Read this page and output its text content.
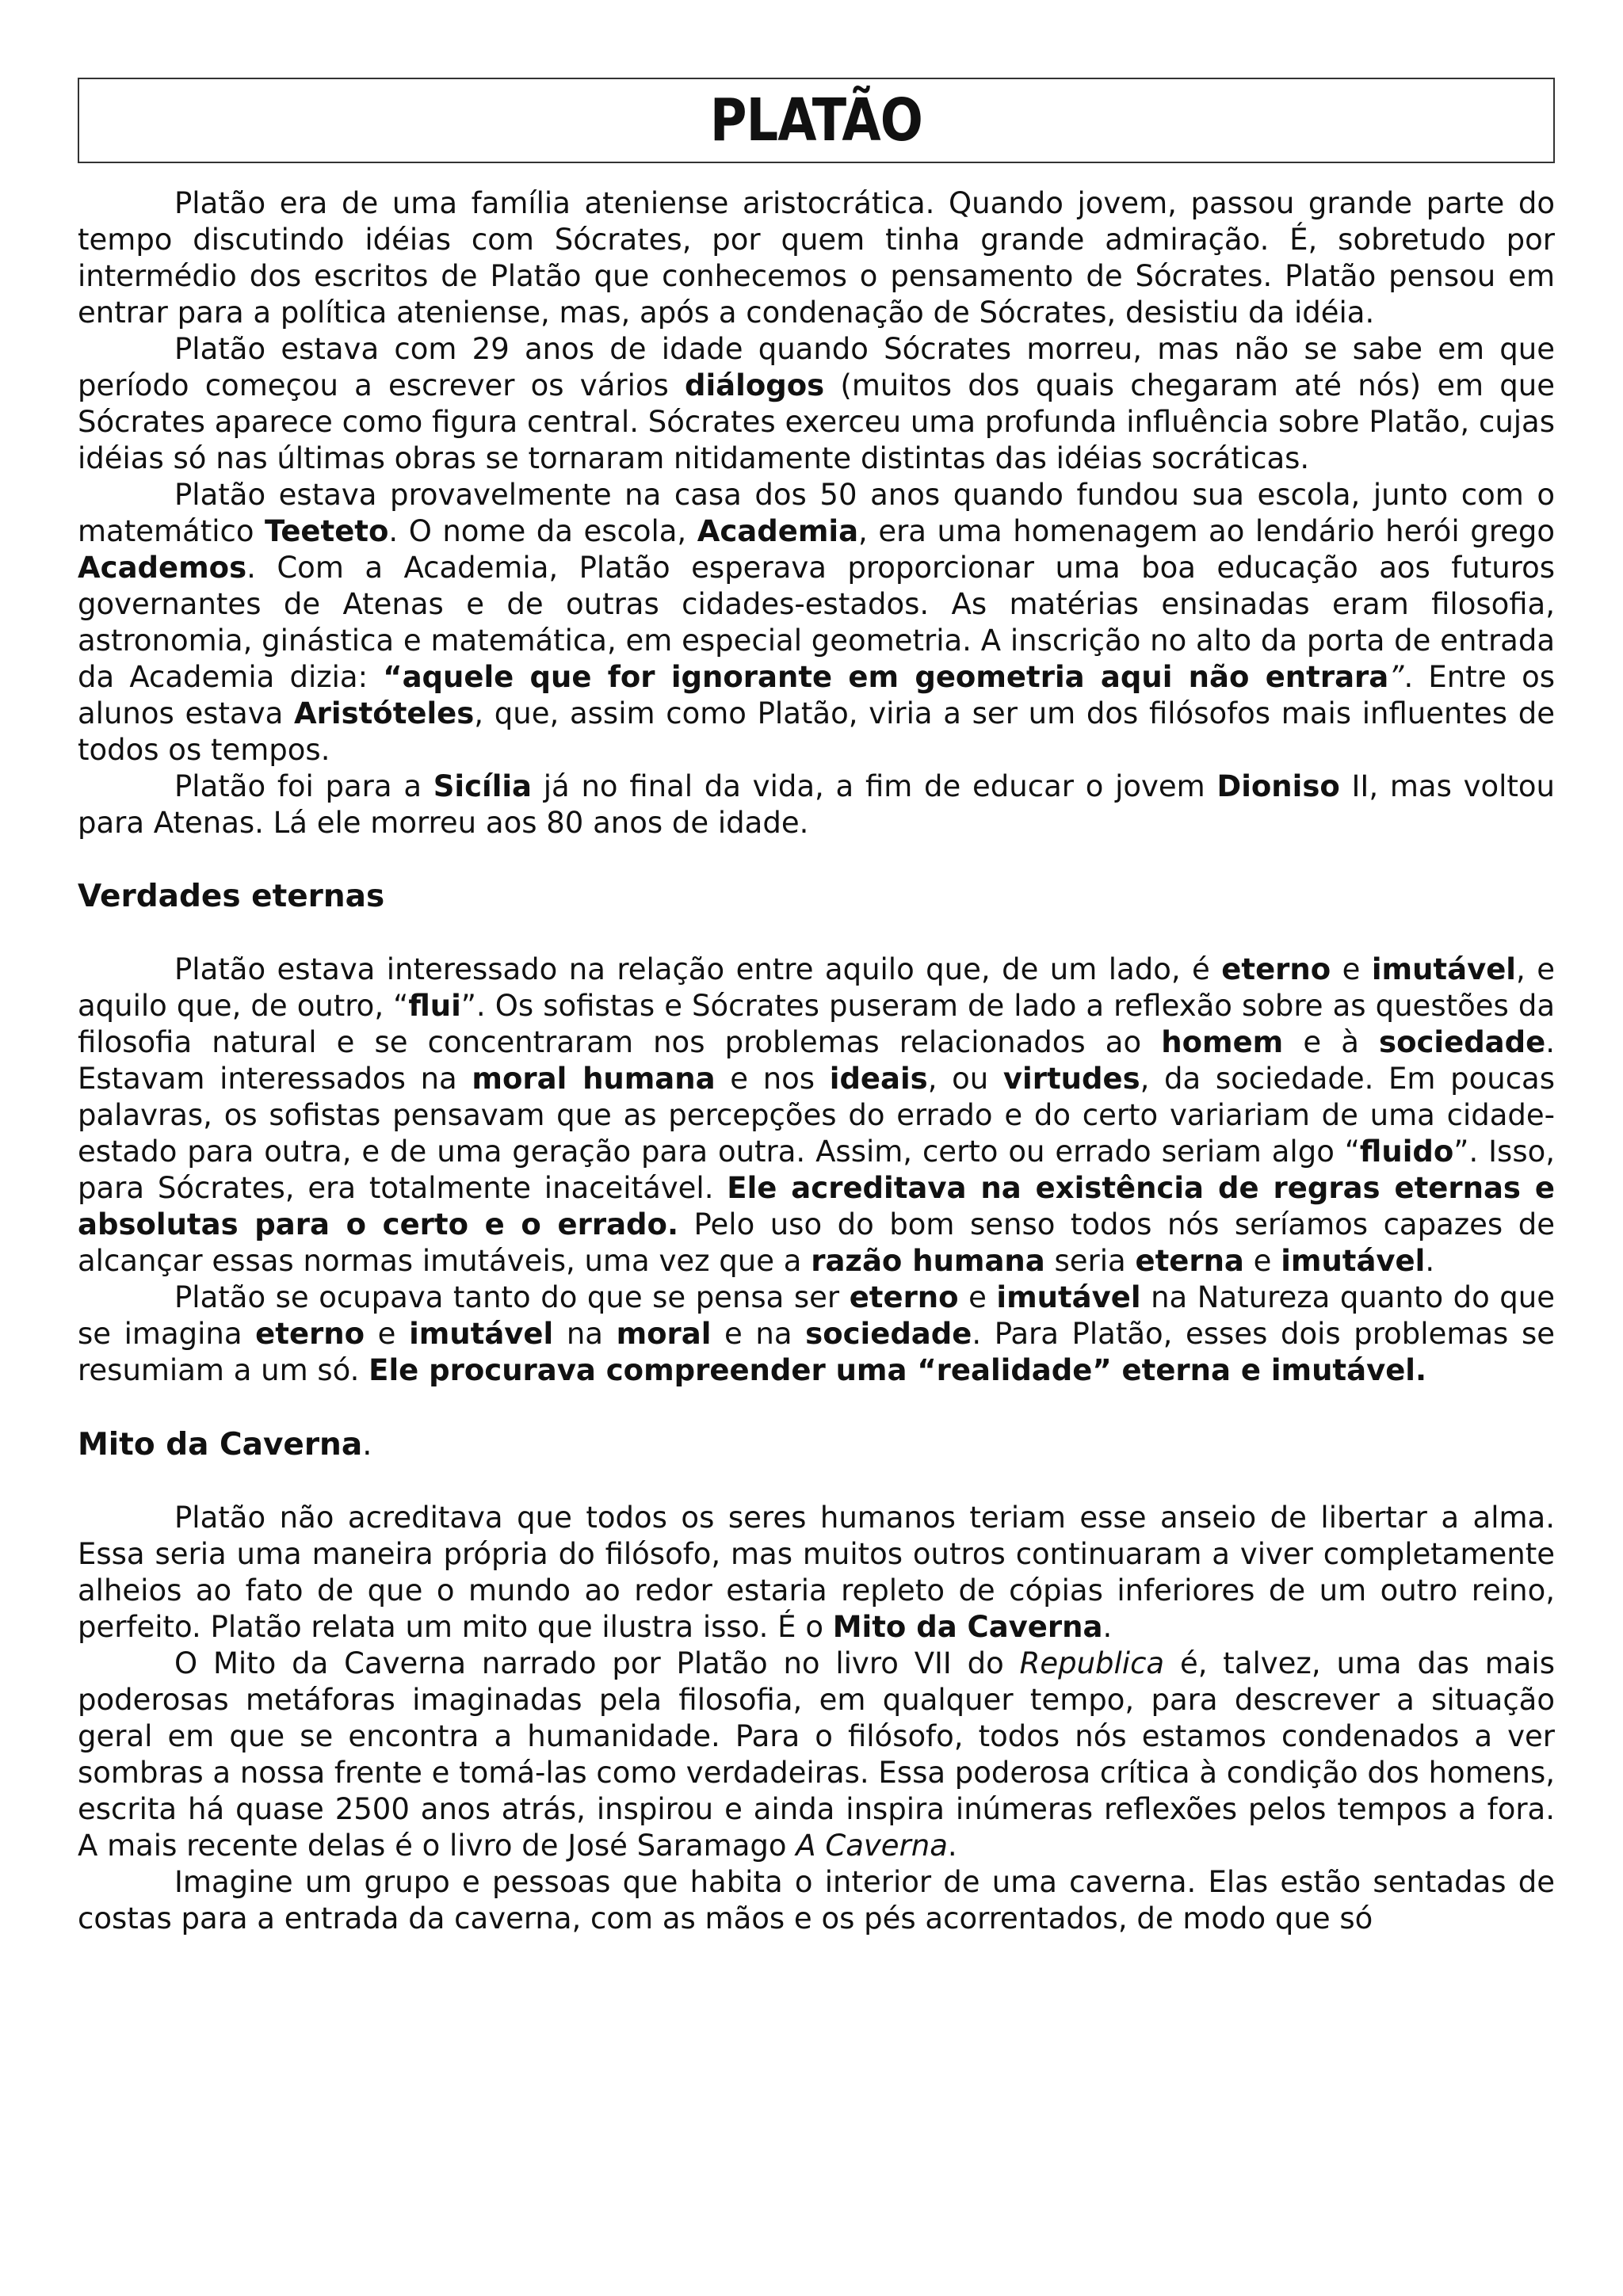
PLATÃO

Platão era de uma família ateniense aristocrática. Quando jovem, passou grande parte do tempo discutindo idéias com Sócrates, por quem tinha grande admiração. É, sobretudo por intermédio dos escritos de Platão que conhecemos o pensamento de Sócrates. Platão pensou em entrar para a política ateniense, mas, após a condenação de Sócrates, desistiu da idéia.

Platão estava com 29 anos de idade quando Sócrates morreu, mas não se sabe em que período começou a escrever os vários diálogos (muitos dos quais chegaram até nós) em que Sócrates aparece como figura central. Sócrates exerceu uma profunda influência sobre Platão, cujas idéias só nas últimas obras se tornaram nitidamente distintas das idéias socráticas.

Platão estava provavelmente na casa dos 50 anos quando fundou sua escola, junto com o matemático Teeteto. O nome da escola, Academia, era uma homenagem ao lendário herói grego Academos. Com a Academia, Platão esperava proporcionar uma boa educação aos futuros governantes de Atenas e de outras cidades-estados. As matérias ensinadas eram filosofia, astronomia, ginástica e matemática, em especial geometria. A inscrição no alto da porta de entrada da Academia dizia: “aquele que for ignorante em geometria aqui não entrara”. Entre os alunos estava Aristóteles, que, assim como Platão, viria a ser um dos filósofos mais influentes de todos os tempos.

Platão foi para a Sicília já no final da vida, a fim de educar o jovem Dioniso II, mas voltou para Atenas. Lá ele morreu aos 80 anos de idade.

Verdades eternas

Platão estava interessado na relação entre aquilo que, de um lado, é eterno e imutável, e aquilo que, de outro, “flui”. Os sofistas e Sócrates puseram de lado a reflexão sobre as questões da filosofia natural e se concentraram nos problemas relacionados ao homem e à sociedade. Estavam interessados na moral humana e nos ideais, ou virtudes, da sociedade. Em poucas palavras, os sofistas pensavam que as percepções do errado e do certo variariam de uma cidade-estado para outra, e de uma geração para outra. Assim, certo ou errado seriam algo “fluido”. Isso, para Sócrates, era totalmente inaceitável. Ele acreditava na existência de regras eternas e absolutas para o certo e o errado. Pelo uso do bom senso todos nós seríamos capazes de alcançar essas normas imutáveis, uma vez que a razão humana seria eterna e imutável.

Platão se ocupava tanto do que se pensa ser eterno e imutável na Natureza quanto do que se imagina eterno e imutável na moral e na sociedade. Para Platão, esses dois problemas se resumiam a um só. Ele procurava compreender uma “realidade” eterna e imutável.

Mito da Caverna.

Platão não acreditava que todos os seres humanos teriam esse anseio de libertar a alma. Essa seria uma maneira própria do filósofo, mas muitos outros continuaram a viver completamente alheios ao fato de que o mundo ao redor estaria repleto de cópias inferiores de um outro reino, perfeito. Platão relata um mito que ilustra isso. É o Mito da Caverna.

O Mito da Caverna narrado por Platão no livro VII do Republica é, talvez, uma das mais poderosas metáforas imaginadas pela filosofia, em qualquer tempo, para descrever a situação geral em que se encontra a humanidade. Para o filósofo, todos nós estamos condenados a ver sombras a nossa frente e tomá-las como verdadeiras. Essa poderosa crítica à condição dos homens, escrita há quase 2500 anos atrás, inspirou e ainda inspira inúmeras reflexões pelos tempos a fora. A mais recente delas é o livro de José Saramago A Caverna.

Imagine um grupo e pessoas que habita o interior de uma caverna. Elas estão sentadas de costas para a entrada da caverna, com as mãos e os pés acorrentados, de modo que só
